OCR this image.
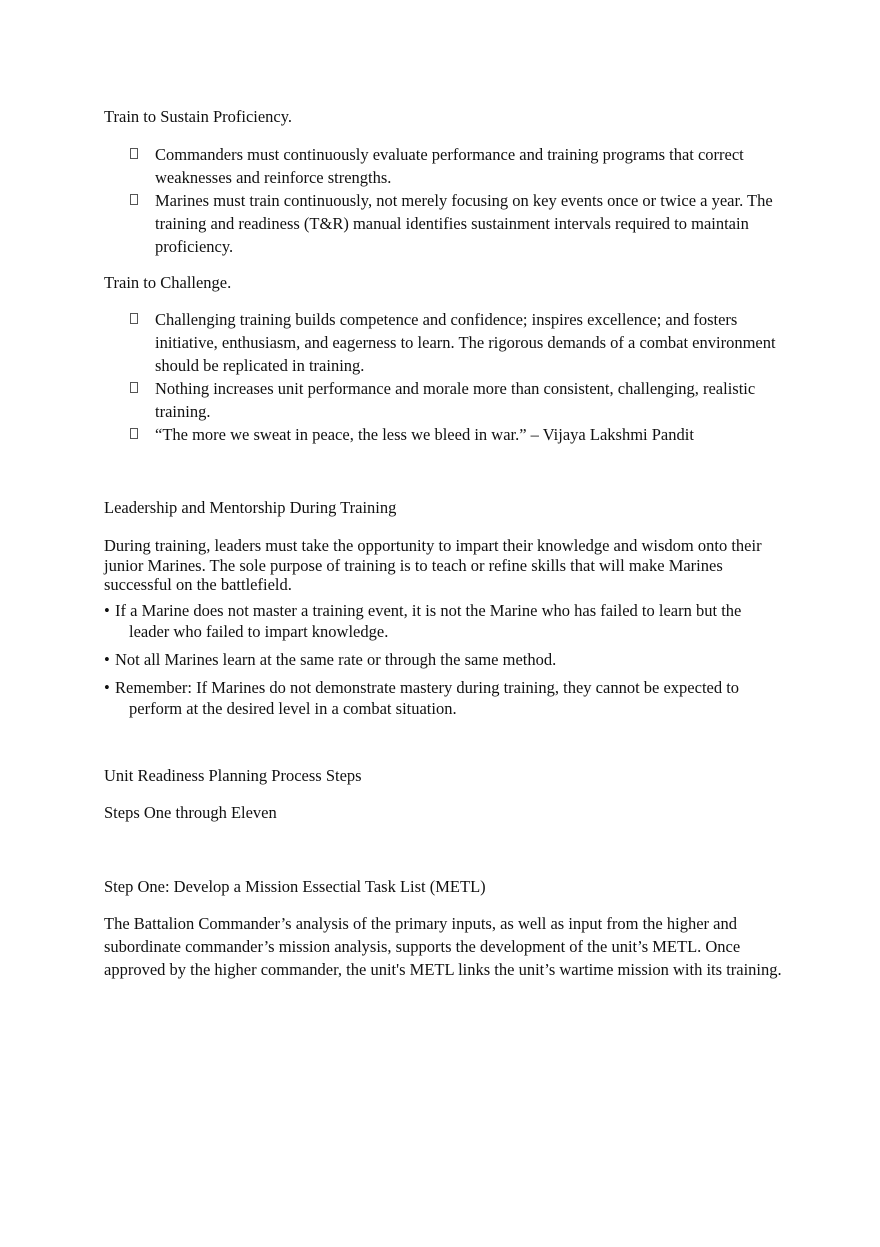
Train to Sustain Proficiency.
Commanders must continuously evaluate performance and training programs that correct weaknesses and reinforce strengths.
Marines must train continuously, not merely focusing on key events once or twice a year. The training and readiness (T&R) manual identifies sustainment intervals required to maintain proficiency.
Train to Challenge.
Challenging training builds competence and confidence; inspires excellence; and fosters initiative, enthusiasm, and eagerness to learn. The rigorous demands of a combat environment should be replicated in training.
Nothing increases unit performance and morale more than consistent, challenging, realistic training.
“The more we sweat in peace, the less we bleed in war.” – Vijaya Lakshmi Pandit
Leadership and Mentorship During Training

During training, leaders must take the opportunity to impart their knowledge and wisdom onto their junior Marines. The sole purpose of training is to teach or refine skills that will make Marines successful on the battlefield.

• If a Marine does not master a training event, it is not the Marine who has failed to learn but the leader who failed to impart knowledge.
• Not all Marines learn at the same rate or through the same method.
• Remember: If Marines do not demonstrate mastery during training, they cannot be expected to perform at the desired level in a combat situation.
Unit Readiness Planning Process Steps
Steps One through Eleven
Step One: Develop a Mission Essectial Task List (METL)

The Battalion Commander’s analysis of the primary inputs, as well as input from the higher and subordinate commander’s mission analysis, supports the development of the unit’s METL. Once approved by the higher commander, the unit's METL links the unit’s wartime mission with its training.
